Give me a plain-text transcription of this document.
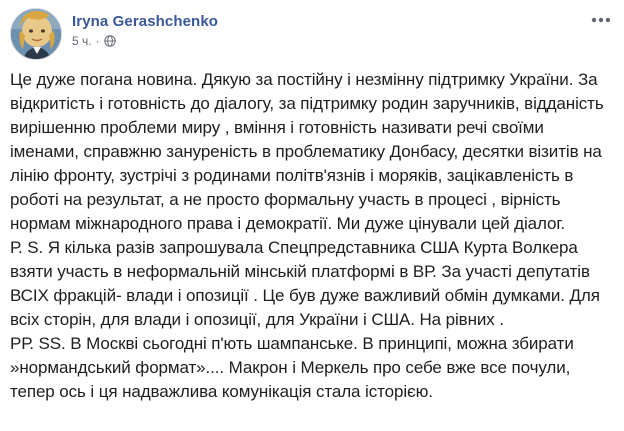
Iryna Gerashchenko
5 ч. ·

Це дуже погана новина. Дякую за постійну і незмінну підтримку України. За відкритість і готовність до діалогу, за підтримку родин заручників, відданість вирішенню проблеми миру , вміння і готовність називати речі своїми іменами, справжню зануреність в проблематику Донбасу, десятки візитів на лінію фронту, зустрічі з родинами політв'язнів і моряків, зацікавленість в роботі на результат, а не просто формальну участь в процесі , вірність нормам міжнародного права і демократії. Ми дуже цінували цей діалог.

Р. S. Я кілька разів запрошувала Спецпредставника США Курта Волкера взяти участь в неформальній мінській платформі в ВР. За участі депутатів ВСІХ фракцій- влади і опозиції . Це був дуже важливий обмін думками. Для всіх сторін, для влади і опозиції, для України і США. На рівних .

РР. SS. В Москві сьогодні п'ють шампанське. В принципі, можна збирати »нормандський формат».... Макрон і Меркель про себе вже все почули, тепер ось і ця надважлива комунікація стала історією.
